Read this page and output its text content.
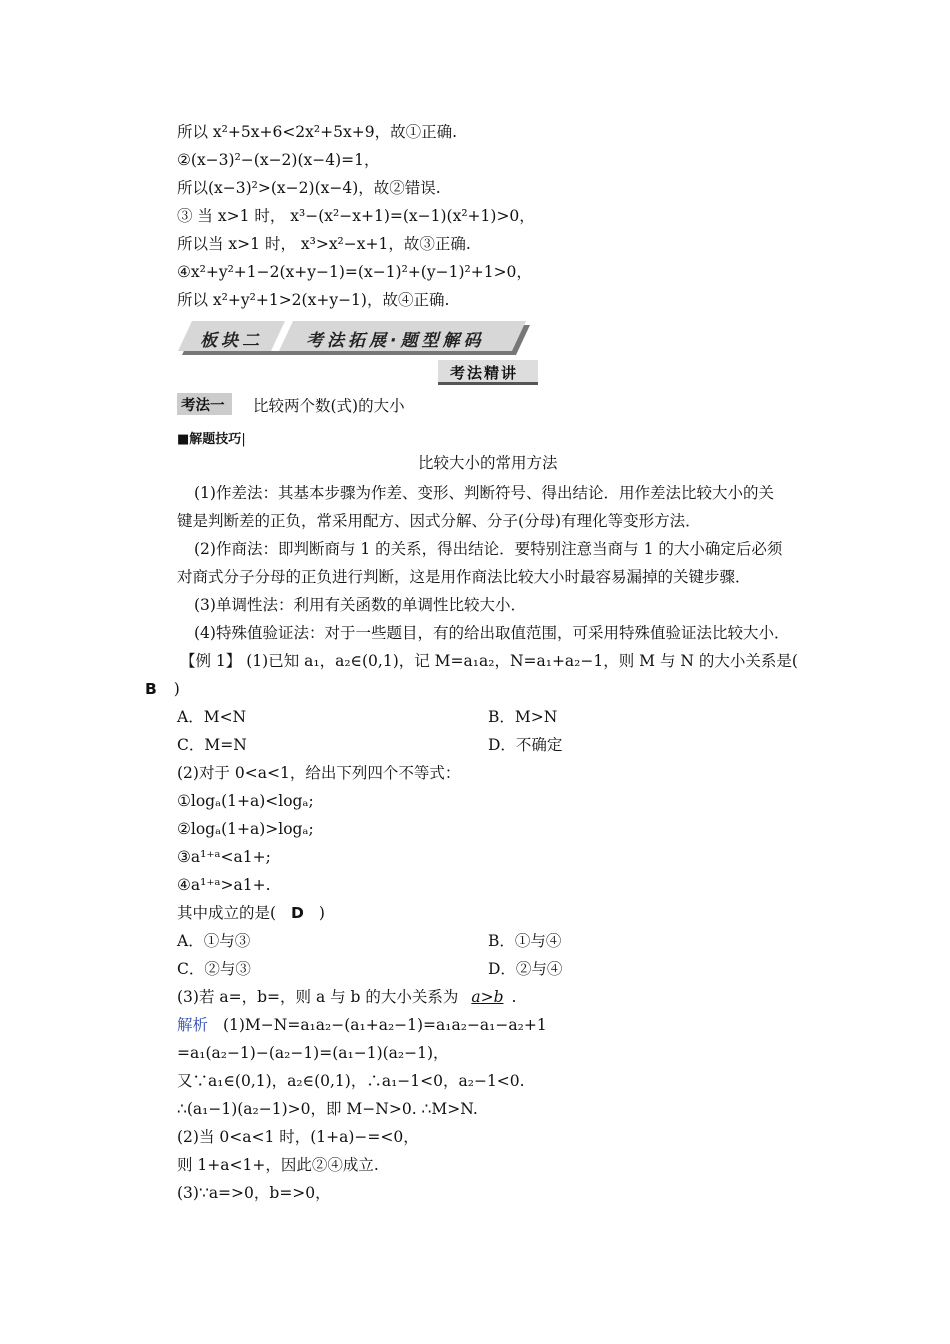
所以 x²+5x+6<2x²+5x+9，故①正确.
②(x−3)²−(x−2)(x−4)=1，
所以(x−3)²>(x−2)(x−4)，故②错误.
③ 当 x>1 时， x³−(x²−x+1)=(x−1)(x²+1)>0，
所以当 x>1 时， x³>x²−x+1，故③正确.
④x²+y²+1−2(x+y−1)=(x−1)²+(y−1)²+1>0，
所以 x²+y²+1>2(x+y−1)，故④正确.
板块二	考法拓展·题型解码
考法精讲
考法一 比较两个数(式)的大小
■解题技巧|
比较大小的常用方法
(1)作差法：其基本步骤为作差、变形、判断符号、得出结论．用作差法比较大小的关
键是判断差的正负，常采用配方、因式分解、分子(分母)有理化等变形方法．
(2)作商法：即判断商与 1 的关系，得出结论．要特别注意当商与 1 的大小确定后必须
对商式分子分母的正负进行判断，这是用作商法比较大小时最容易漏掉的关键步骤．
(3)单调性法：利用有关函数的单调性比较大小．
(4)特殊值验证法：对于一些题目，有的给出取值范围，可采用特殊值验证法比较大小．
【例 1】 (1)已知 a₁，a₂∈(0,1)，记 M=a₁a₂，N=a₁+a₂−1，则 M 与 N 的大小关系是(
B )
A．M<N	B．M>N
C．M=N	D．不确定
(2)对于 0<a<1，给出下列四个不等式：
①logₐ(1+a)<logₐ;
②logₐ(1+a)>logₐ;
③a¹⁺ᵃ<a1+;
④a¹⁺ᵃ>a1+.
其中成立的是( D )
A．①与③	B．①与④
C．②与③	D．②与④
(3)若 a=，b=，则 a 与 b 的大小关系为 a>b .
解析 (1)M−N=a₁a₂−(a₁+a₂−1)=a₁a₂−a₁−a₂+1
=a₁(a₂−1)−(a₂−1)=(a₁−1)(a₂−1)，
又∵a₁∈(0,1)，a₂∈(0,1)，∴a₁−1<0，a₂−1<0.
∴(a₁−1)(a₂−1)>0，即 M−N>0. ∴M>N.
(2)当 0<a<1 时，(1+a)−=<0，
则 1+a<1+，因此②④成立.
(3)∵a=>0，b=>0，
